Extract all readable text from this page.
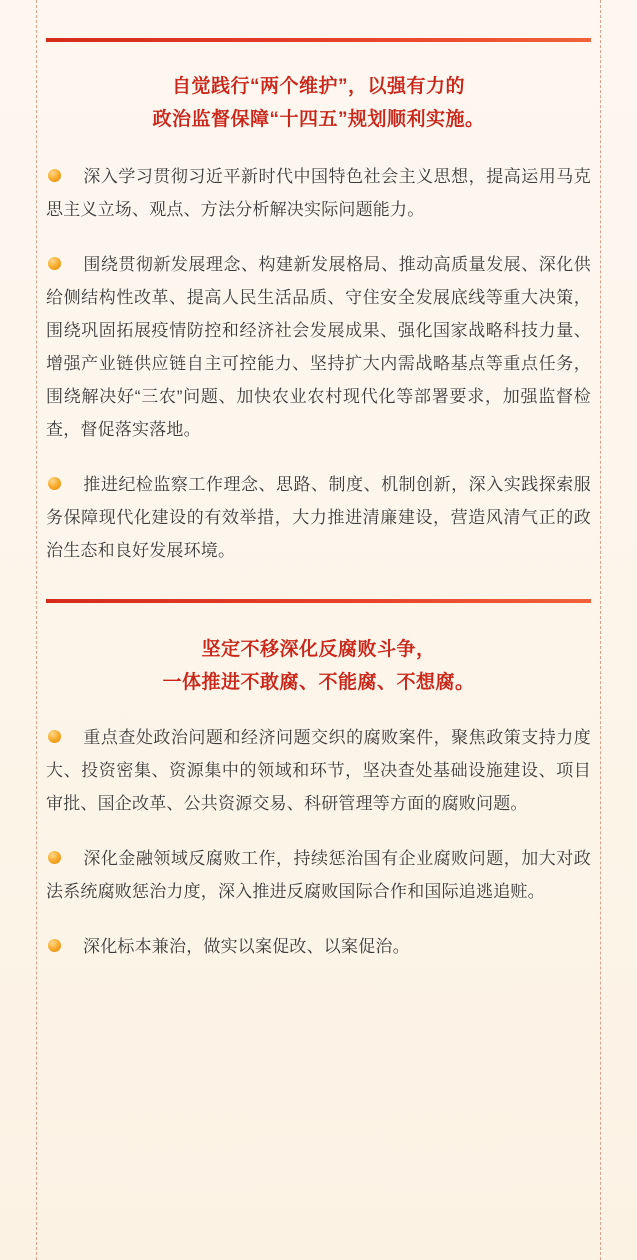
自觉践行“两个维护”，以强有力的
政治监督保障“十四五”规划顺利实施。

深入学习贯彻习近平新时代中国特色社会主义思想，提高运用马克思主义立场、观点、方法分析解决实际问题能力。

围绕贯彻新发展理念、构建新发展格局、推动高质量发展、深化供给侧结构性改革、提高人民生活品质、守住安全发展底线等重大决策，围绕巩固拓展疫情防控和经济社会发展成果、强化国家战略科技力量、增强产业链供应链自主可控能力、坚持扩大内需战略基点等重点任务，围绕解决好“三农”问题、加快农业农村现代化等部署要求，加强监督检查，督促落实落地。

推进纪检监察工作理念、思路、制度、机制创新，深入实践探索服务保障现代化建设的有效举措，大力推进清廉建设，营造风清气正的政治生态和良好发展环境。

坚定不移深化反腐败斗争，
一体推进不敢腐、不能腐、不想腐。

重点查处政治问题和经济问题交织的腐败案件，聚焦政策支持力度大、投资密集、资源集中的领域和环节，坚决查处基础设施建设、项目审批、国企改革、公共资源交易、科研管理等方面的腐败问题。

深化金融领域反腐败工作，持续惩治国有企业腐败问题，加大对政法系统腐败惩治力度，深入推进反腐败国际合作和国际追逃追赃。

深化标本兼治，做实以案促改、以案促治。
